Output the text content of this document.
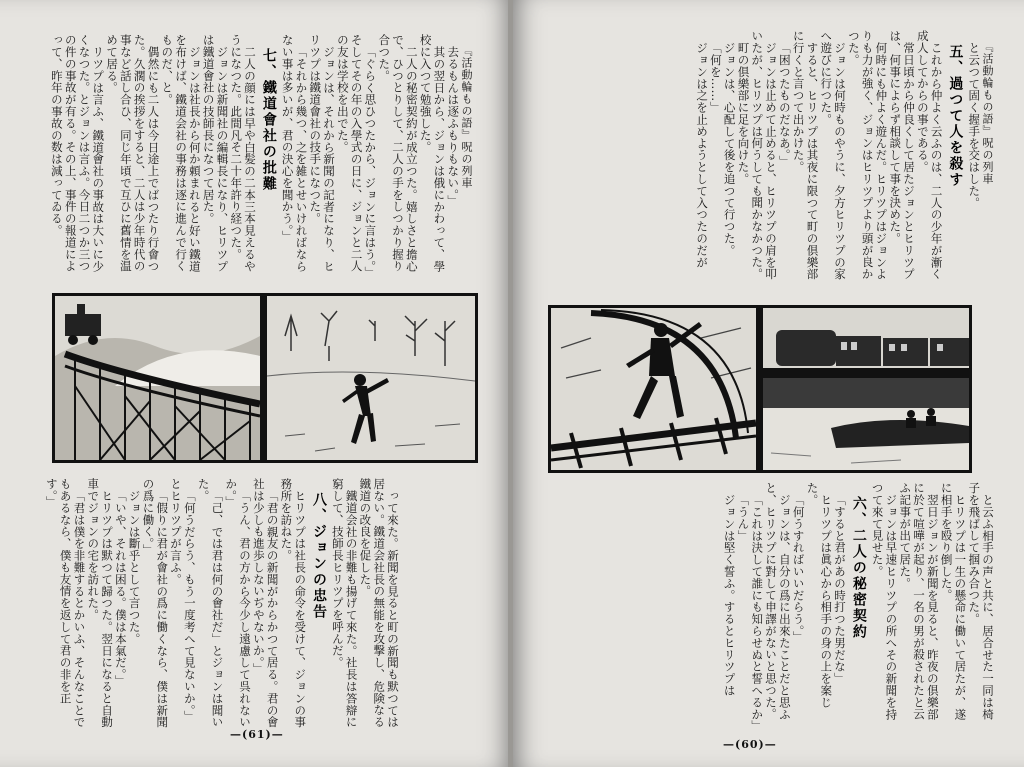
『活動輪もの語』呪の列車

去るもんは逐ふもりもない。」

其の翌日から、ジョンは俄にかわって、學校に入つて勉強した。

二人の秘密契約が成立つた。嬉しさと擔心で、ひつとりして、二人の手をしつかり握り合つた。

「ぐらく思ひつたから、ジョンに言はう。」そしてその年の入學式の日に、ジョンと二人の友は学校を出でた。

ジョンは、それから新聞の記者になり、ヒリツプは鐵道會社の技手になつた。

「それから幾つ、之を雑とせいければならない事は多いが、君の決心を聞かう。」

七、鐵道會社の批難

二人の顔には早や白髪の二本三本見えるやうになつた。此間凡そ二十年許り経つた。

ジョンは新聞社の編輯長になり、ヒリツプは鐵道會社の技師長になつて居た。

ジョンは社長から何か頼まれると好い鐵道を布けば、鐵道会社の事務は逐に進んで行くものだ、と。

偶然にも二人は今日途上でばつたり行會つた。久濶の挨拶をすると、二人は少年時代の事など話し合ひ、同じ年頃で互ひに舊情を温めて居る。

リツプは言ふ、鐵道會社の事故は大いに少くなつた。とジョンは言ふ。今日二つか三つの件の事故が有る。その上、事件の報道によって、昨年の事故の数は減ってゐる。

って來た。新聞を見ると町の新聞も默つては居ない。鐵道会社長の無能を攻撃し、危険なる鐵道の改良を促した。

鐵道会社の非難も揚げて來た。社長は答辯に窮して、技師長ヒリツプを呼んだ。

八、ジョンの忠告

ヒリツプは社長の命令を受けて、ジョンの事務所を訪ねた。

「君の親友の新聞がからかつて居る。君の會社は少しも進歩しないぢやないか。」

「うん、君の方から今少し遠慮して呉れないか。」

「己、では君は何の會社だ」とジョンは聞いた。

「何うだらう、もう一度考へて見ないか。」とヒリツプが言ふ。

「假りに君が會社の爲に働くなら、僕は新聞の爲に働く。」

ジョンは斷乎として言つた。

「いや、それは困る。僕は本氣だ。」

ヒリツプは默つて歸つた。翌日になると自動車でジョンの宅を訪れた。

「君は僕を非難するとかいふ、そんなことでもあるなら、僕も友情を返して君の非を正す。」

—(61)—

『活動輪もの語』呪の列車

と云つて固く握手を交はした。

五、過つて人を殺す

これから仲よく云ふのは、二人の少年が漸く成人してからの事である。

常日頃から仲良くして居たジョンとヒリツプは、何事によらず相談して事を決めた。

何時にも仲よく遊んだ。ヒリツプはジョンよりも力が強く、ジョンはヒリツプより頭が良かつた。

ジョンは何時ものやうに、夕方ヒリツプの家へ遊びに行つた。

すると、ヒリツプは其夜に限つて町の倶樂部に行くと言つて出かけた。

「困つたものだなあ。」

ジョンは止めて止めると、ヒリツプの肩を叩いたが、ヒリツプは何うしても聞かなかつた。

町の倶樂部に足を向けた。

ジョンは、心配して後を追つて行つた。

「何を……」

ジョンは之を止めようとして入つたのだが

と云ふ相手の声と共に、居合せた一同は椅子を飛ばして掴み合つた。

ヒリツプは一生の懸命に働いて居たが、遂に相手を殴り倒した。

翌日ジョンが新聞を見ると、昨夜の倶樂部に於て喧嘩が起り、一名の男が殺されたと云ふ記事が出て居た。

ジョンは早速ヒリツプの所へその新聞を持つて來て見せた。

六、二人の秘密契約

「すると君があの時打つた男だな」

ヒリツプは眞心から相手の身の上を案じた。

「何うすればいいだらう。」

ジョンは、自分の爲に出來たことだと思ふと、ヒリツプに對して申譯がないと思つた。

「これは決して誰にも知らせぬと誓へるか」

「うん」

ジョンは堅く誓ふ。するとヒリツプは

—(60)—
